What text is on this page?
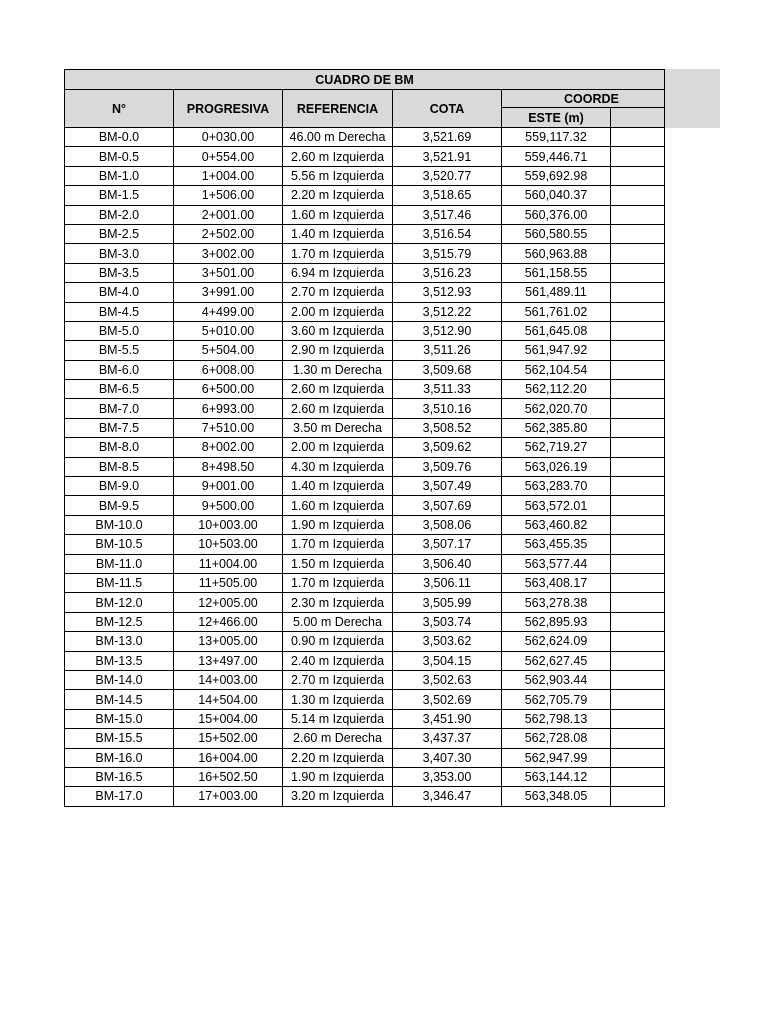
CUADRO DE BM					
N°	PROGRESIVA	REFERENCIA	COTA	COORDE	
				ESTE (m)	
BM-0.0	0+030.00	46.00 m Derecha	3,521.69	559,117.32	
BM-0.5	0+554.00	2.60 m Izquierda	3,521.91	559,446.71	
BM-1.0	1+004.00	5.56 m Izquierda	3,520.77	559,692.98	
BM-1.5	1+506.00	2.20 m Izquierda	3,518.65	560,040.37	
BM-2.0	2+001.00	1.60 m Izquierda	3,517.46	560,376.00	
BM-2.5	2+502.00	1.40 m Izquierda	3,516.54	560,580.55	
BM-3.0	3+002.00	1.70 m Izquierda	3,515.79	560,963.88	
BM-3.5	3+501.00	6.94 m Izquierda	3,516.23	561,158.55	
BM-4.0	3+991.00	2.70 m Izquierda	3,512.93	561,489.11	
BM-4.5	4+499.00	2.00 m Izquierda	3,512.22	561,761.02	
BM-5.0	5+010.00	3.60 m Izquierda	3,512.90	561,645.08	
BM-5.5	5+504.00	2.90 m Izquierda	3,511.26	561,947.92	
BM-6.0	6+008.00	1.30 m Derecha	3,509.68	562,104.54	
BM-6.5	6+500.00	2.60 m Izquierda	3,511.33	562,112.20	
BM-7.0	6+993.00	2.60 m Izquierda	3,510.16	562,020.70	
BM-7.5	7+510.00	3.50 m Derecha	3,508.52	562,385.80	
BM-8.0	8+002.00	2.00 m Izquierda	3,509.62	562,719.27	
BM-8.5	8+498.50	4.30 m Izquierda	3,509.76	563,026.19	
BM-9.0	9+001.00	1.40 m Izquierda	3,507.49	563,283.70	
BM-9.5	9+500.00	1.60 m Izquierda	3,507.69	563,572.01	
BM-10.0	10+003.00	1.90 m Izquierda	3,508.06	563,460.82	
BM-10.5	10+503.00	1.70 m Izquierda	3,507.17	563,455.35	
BM-11.0	11+004.00	1.50 m Izquierda	3,506.40	563,577.44	
BM-11.5	11+505.00	1.70 m Izquierda	3,506.11	563,408.17	
BM-12.0	12+005.00	2.30 m Izquierda	3,505.99	563,278.38	
BM-12.5	12+466.00	5.00 m Derecha	3,503.74	562,895.93	
BM-13.0	13+005.00	0.90 m Izquierda	3,503.62	562,624.09	
BM-13.5	13+497.00	2.40 m Izquierda	3,504.15	562,627.45	
BM-14.0	14+003.00	2.70 m Izquierda	3,502.63	562,903.44	
BM-14.5	14+504.00	1.30 m Izquierda	3,502.69	562,705.79	
BM-15.0	15+004.00	5.14 m Izquierda	3,451.90	562,798.13	
BM-15.5	15+502.00	2.60 m Derecha	3,437.37	562,728.08	
BM-16.0	16+004.00	2.20 m Izquierda	3,407.30	562,947.99	
BM-16.5	16+502.50	1.90 m Izquierda	3,353.00	563,144.12	
BM-17.0	17+003.00	3.20 m Izquierda	3,346.47	563,348.05	
